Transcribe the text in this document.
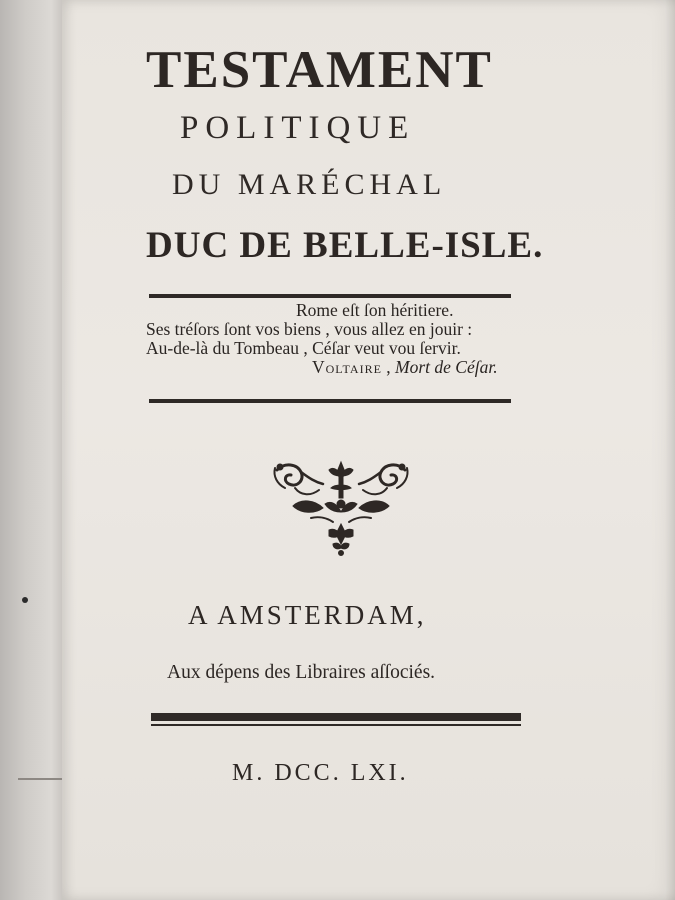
TESTAMENT
POLITIQUE
DU MARÉCHAL
DUC DE BELLE-ISLE.
Rome eſt ſon héritiere.
Ses tréſors ſont vos biens , vous allez en jouir :
Au-de-là du Tombeau , Céſar veut vou ſervir.
Voltaire , Mort de Céſar.
A AMSTERDAM,
Aux dépens des Libraires aſſociés.
M. DCC. LXI.
